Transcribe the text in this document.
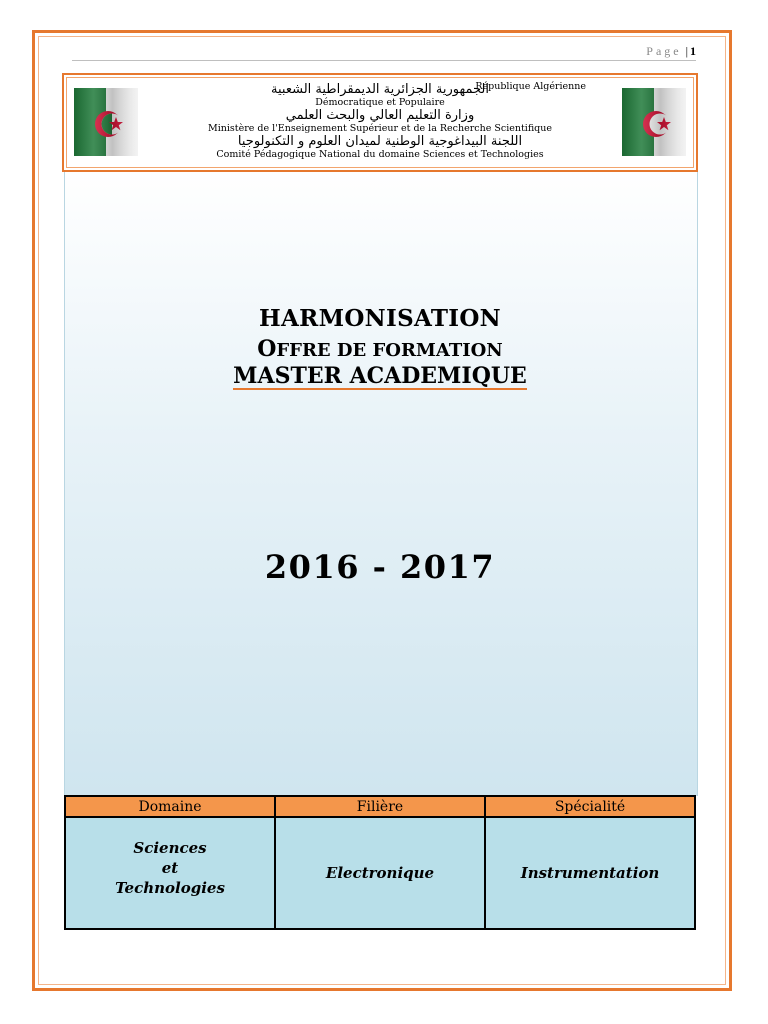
Page | 1
الجمهورية الجزائرية الديمقراطية الشعبية
République Algérienne
Démocratique et Populaire
وزارة التعليم العالي والبحث العلمي
Ministère de l'Enseignement Supérieur et de la Recherche Scientifique
اللجنة البيداغوجية الوطنية لميدان العلوم و التكنولوجيا
Comité Pédagogique National du domaine Sciences et Technologies
HARMONISATION
OFFRE DE FORMATION
MASTER ACADEMIQUE
2016 - 2017
Domaine	Filière	Spécialité

Sciences
et
Technologies	Electronique	Instrumentation
